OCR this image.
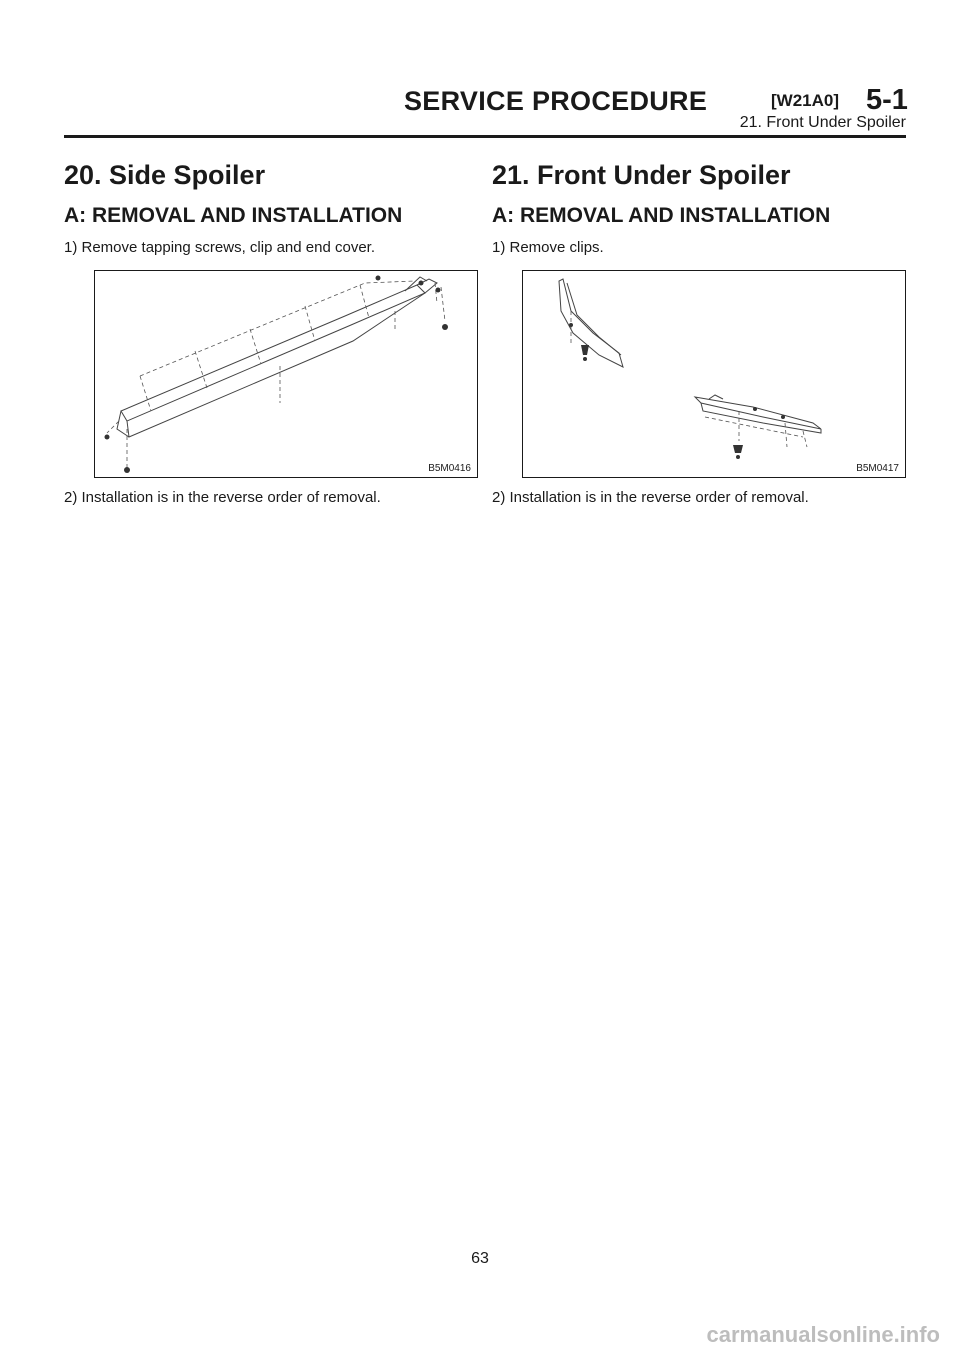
SERVICE PROCEDURE	[W21A0] 5-1
21. Front Under Spoiler
20. Side Spoiler
A: REMOVAL AND INSTALLATION

1) Remove tapping screws, clip and end cover.

B5M0416

2) Installation is in the reverse order of removal.

21. Front Under Spoiler
A: REMOVAL AND INSTALLATION

1) Remove clips.

B5M0417

2) Installation is in the reverse order of removal.

63
carmanualsonline.info
